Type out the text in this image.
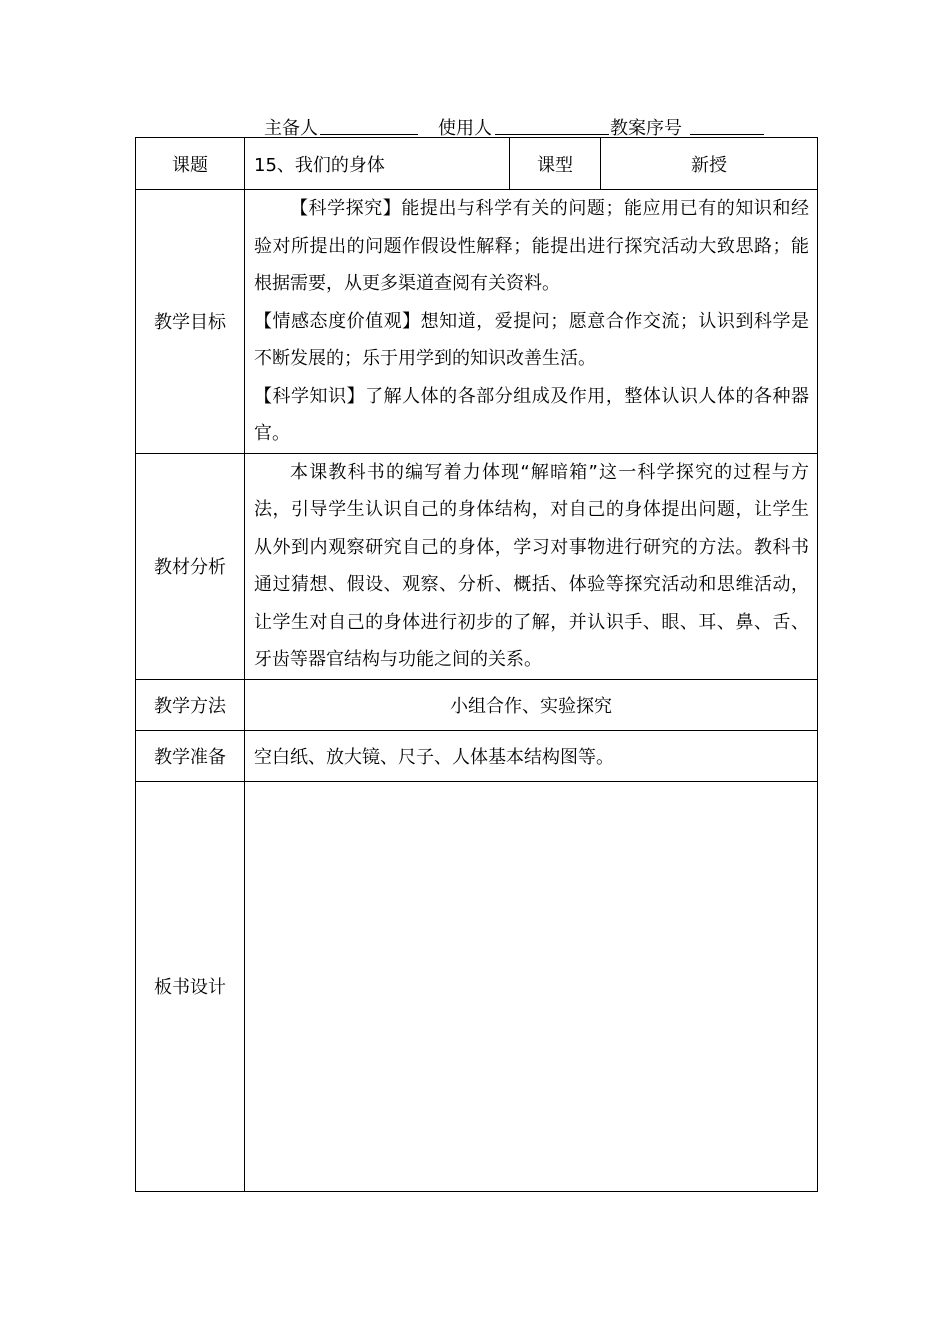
主备人	使用人	教案序号
课题	15、我们的身体	课型	新授
教学目标	【科学探究】能提出与科学有关的问题；能应用已有的知识和经验对所提出的问题作假设性解释；能提出进行探究活动大致思路；能根据需要，从更多渠道查阅有关资料。

【情感态度价值观】想知道，爱提问；愿意合作交流；认识到科学是不断发展的；乐于用学到的知识改善生活。

【科学知识】了解人体的各部分组成及作用，整体认识人体的各种器官。		

教材分析	本课教科书的编写着力体现“解暗箱”这一科学探究的过程与方法，引导学生认识自己的身体结构，对自己的身体提出问题，让学生从外到内观察研究自己的身体，学习对事物进行研究的方法。教科书通过猜想、假设、观察、分析、概括、体验等探究活动和思维活动，让学生对自己的身体进行初步的了解，并认识手、眼、耳、鼻、舌、牙齿等器官结构与功能之间的关系。		

教学方法	小组合作、实验探究		
教学准备	空白纸、放大镜、尺子、人体基本结构图等。		
板书设计			
